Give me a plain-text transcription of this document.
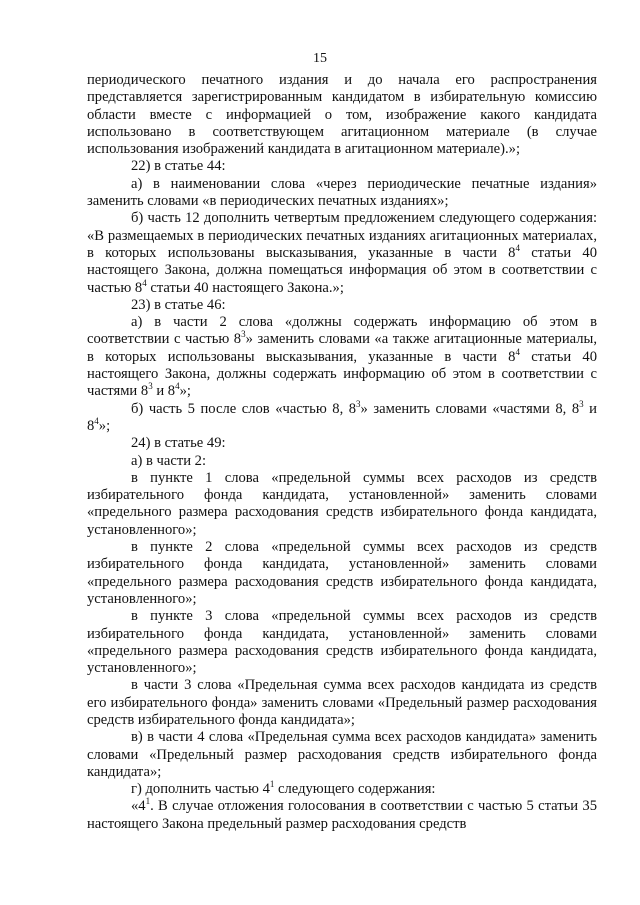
15

периодического печатного издания и до начала его распространения представляется зарегистрированным кандидатом в избирательную комиссию области вместе с информацией о том, изображение какого кандидата использовано в соответствующем агитационном материале (в случае использования изображений кандидата в агитационном материале).»;

22) в статье 44:

а) в наименовании слова «через периодические печатные издания» заменить словами «в периодических печатных изданиях»;

б) часть 12 дополнить четвертым предложением следующего содержания: «В размещаемых в периодических печатных изданиях агитационных материалах, в которых использованы высказывания, указанные в части $8^4$ статьи 40 настоящего Закона, должна помещаться информация об этом в соответствии с частью $8^4$ статьи 40 настоящего Закона.»;

23) в статье 46:

а) в части 2 слова «должны содержать информацию об этом в соответствии с частью $8^3$» заменить словами «а также агитационные материалы, в которых использованы высказывания, указанные в части $8^4$ статьи 40 настоящего Закона, должны содержать информацию об этом в соответствии с частями $8^3$ и $8^4$»;

б) часть 5 после слов «частью 8, $8^3$» заменить словами «частями 8, $8^3$ и $8^4$»;

24) в статье 49:

а) в части 2:

в пункте 1 слова «предельной суммы всех расходов из средств избирательного фонда кандидата, установленной» заменить словами «предельного размера расходования средств избирательного фонда кандидата, установленного»;

в пункте 2 слова «предельной суммы всех расходов из средств избирательного фонда кандидата, установленной» заменить словами «предельного размера расходования средств избирательного фонда кандидата, установленного»;

в пункте 3 слова «предельной суммы всех расходов из средств избирательного фонда кандидата, установленной» заменить словами «предельного размера расходования средств избирательного фонда кандидата, установленного»;

в части 3 слова «Предельная сумма всех расходов кандидата из средств его избирательного фонда» заменить словами «Предельный размер расходования средств избирательного фонда кандидата»;

в) в части 4 слова «Предельная сумма всех расходов кандидата» заменить словами «Предельный размер расходования средств избирательного фонда кандидата»;

г) дополнить частью $4^1$ следующего содержания:

«$4^1$. В случае отложения голосования в соответствии с частью 5 статьи 35 настоящего Закона предельный размер расходования средств
